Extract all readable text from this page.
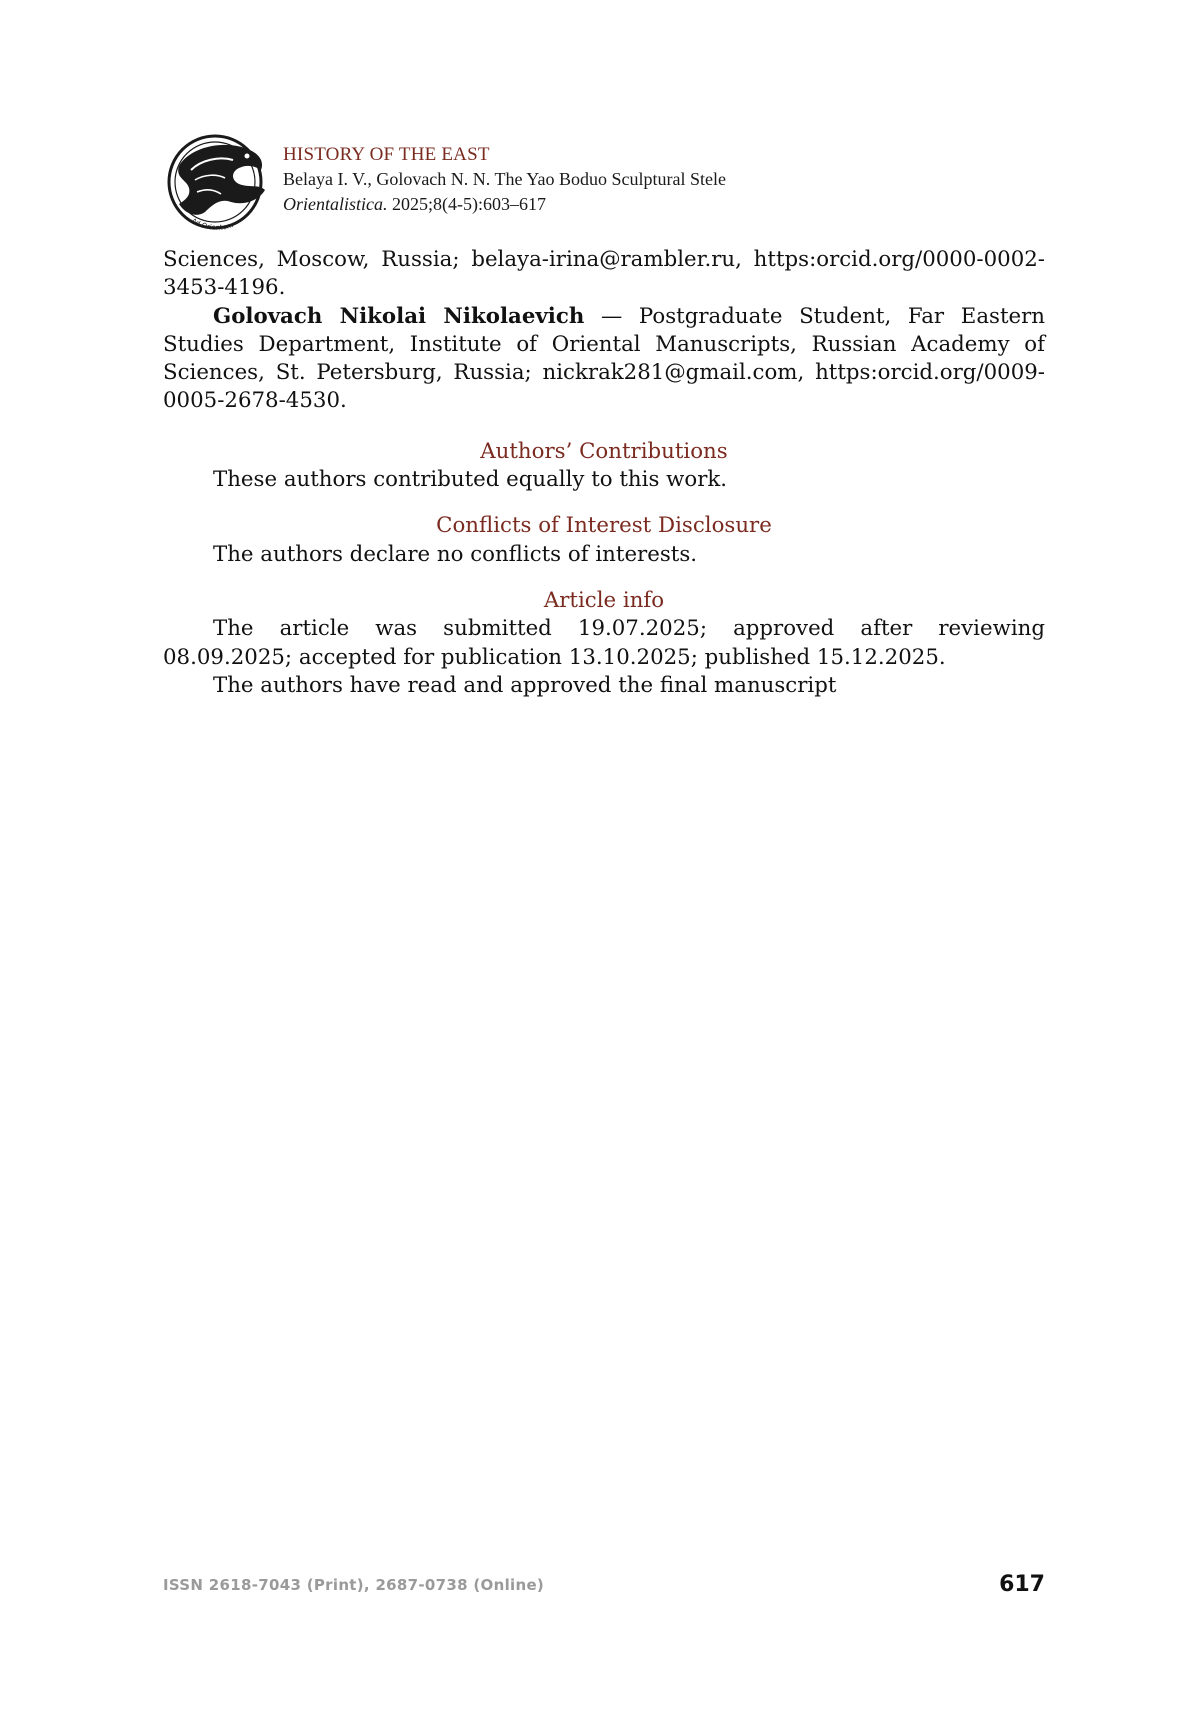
Ad Orientem
HISTORY OF THE EAST
Belaya I. V., Golovach N. N. The Yao Boduo Sculptural Stele
Orientalistica. 2025;8(4-5):603–617

Sciences, Moscow, Russia; belaya-irina@rambler.ru, https:orcid.org/0000-0002-3453-4196.

Golovach Nikolai Nikolaevich — Postgraduate Student, Far Eastern Studies Department, Institute of Oriental Manuscripts, Russian Academy of Sciences, St. Petersburg, Russia; nickrak281@gmail.com, https:orcid.org/0009-0005-2678-4530.

Authors’ Contributions

These authors contributed equally to this work.

Conflicts of Interest Disclosure

The authors declare no conflicts of interests.

Article info

The article was submitted 19.07.2025; approved after reviewing 08.09.2025; accepted for publication 13.10.2025; published 15.12.2025.

The authors have read and approved the final manuscript

ISSN 2618-7043 (Print), 2687-0738 (Online)	617
